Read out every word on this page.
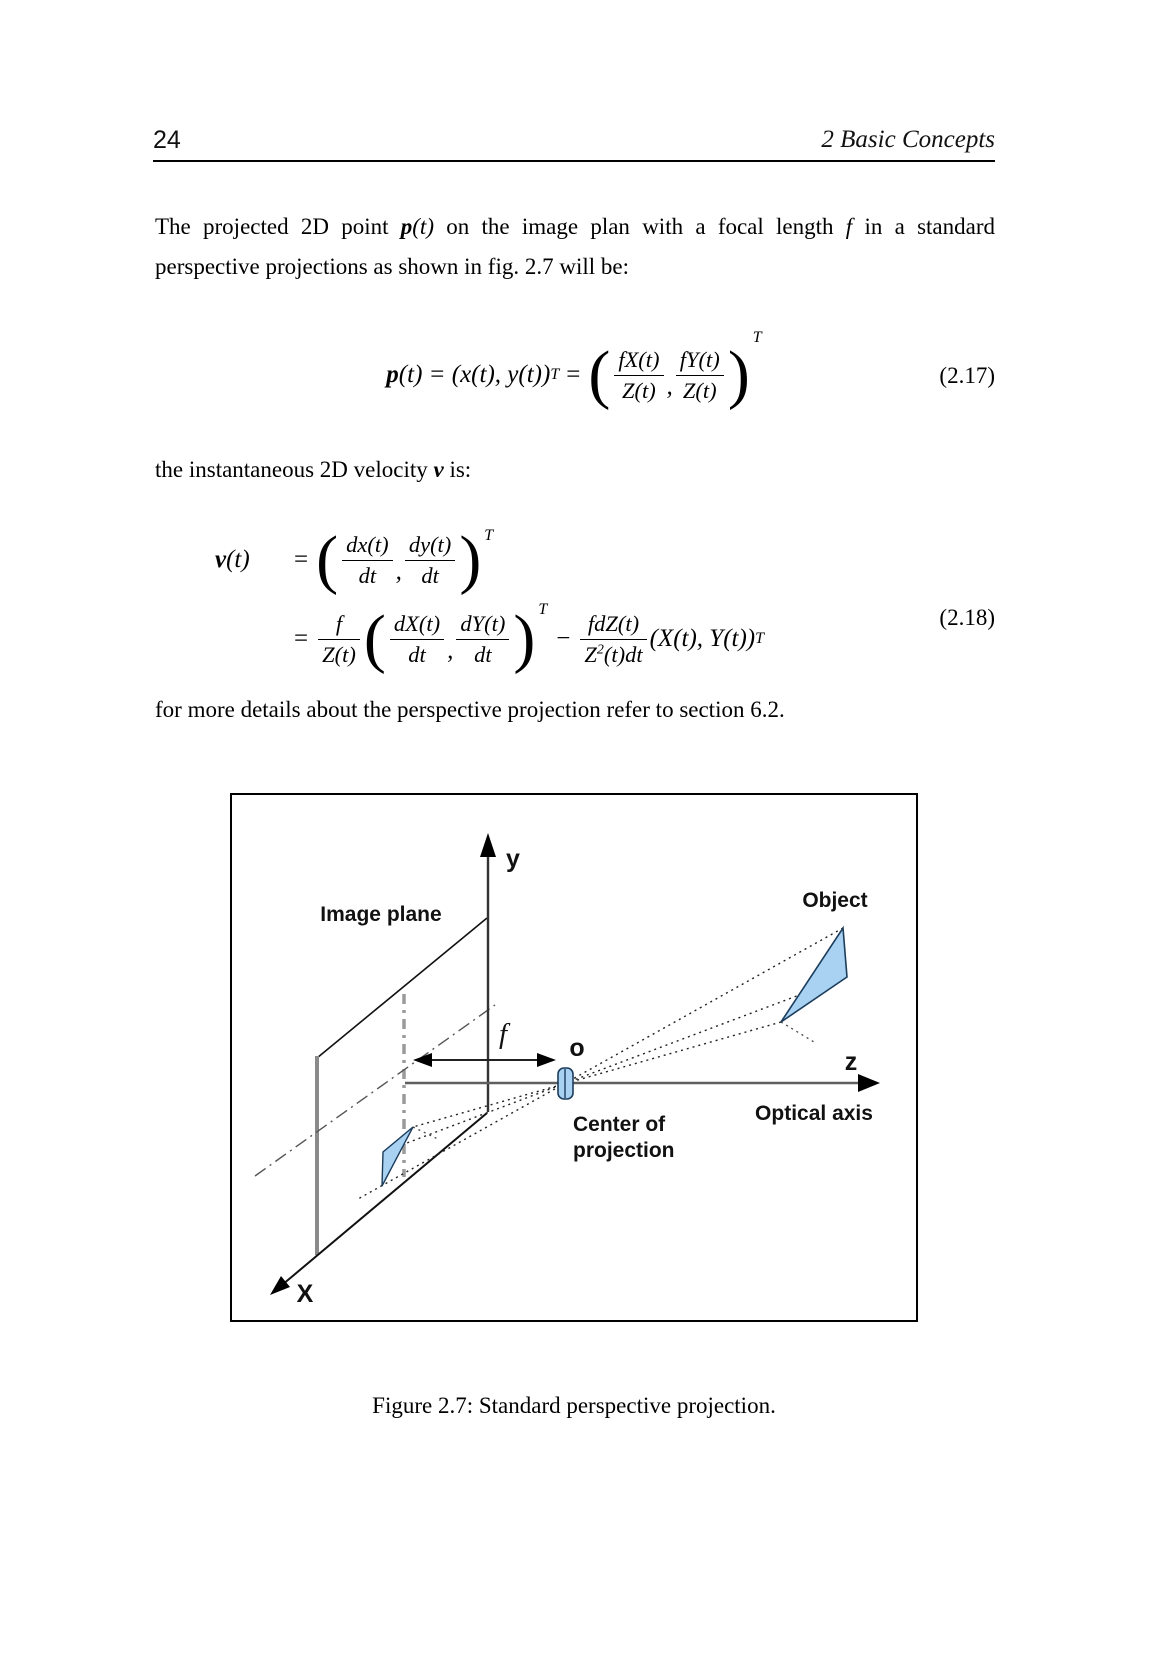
24	2 Basic Concepts
The projected 2D point p(t) on the image plan with a focal length f in a standard
perspective projections as shown in fig. 2.7 will be:
p (t) = (x(t), y(t)) T = ( $\frac{fX(t)}{Z(t)}$ , $\frac{fY(t)}{Z(t)}$ )
T
(2.17)
the instantaneous 2D velocity v is:
v (t) = ( $\frac{dx(t)}{dt}$ , $\frac{dy(t)}{dt}$ ) T
= $\frac{f}{Z(t)}$ ( $\frac{dX(t)}{dt}$ , $\frac{dY(t)}{dt}$ ) T
− $\frac{\text{fdZ(t)}}{Z^2(t)dt} (X(t)$, Y(t)) T
(2.18)
for more details about the perspective projection refer to section 6.2.
Image plane
y
Object
z
Optical axis
o
f
Center of
projection
X
Figure 2.7: Standard perspective projection.
